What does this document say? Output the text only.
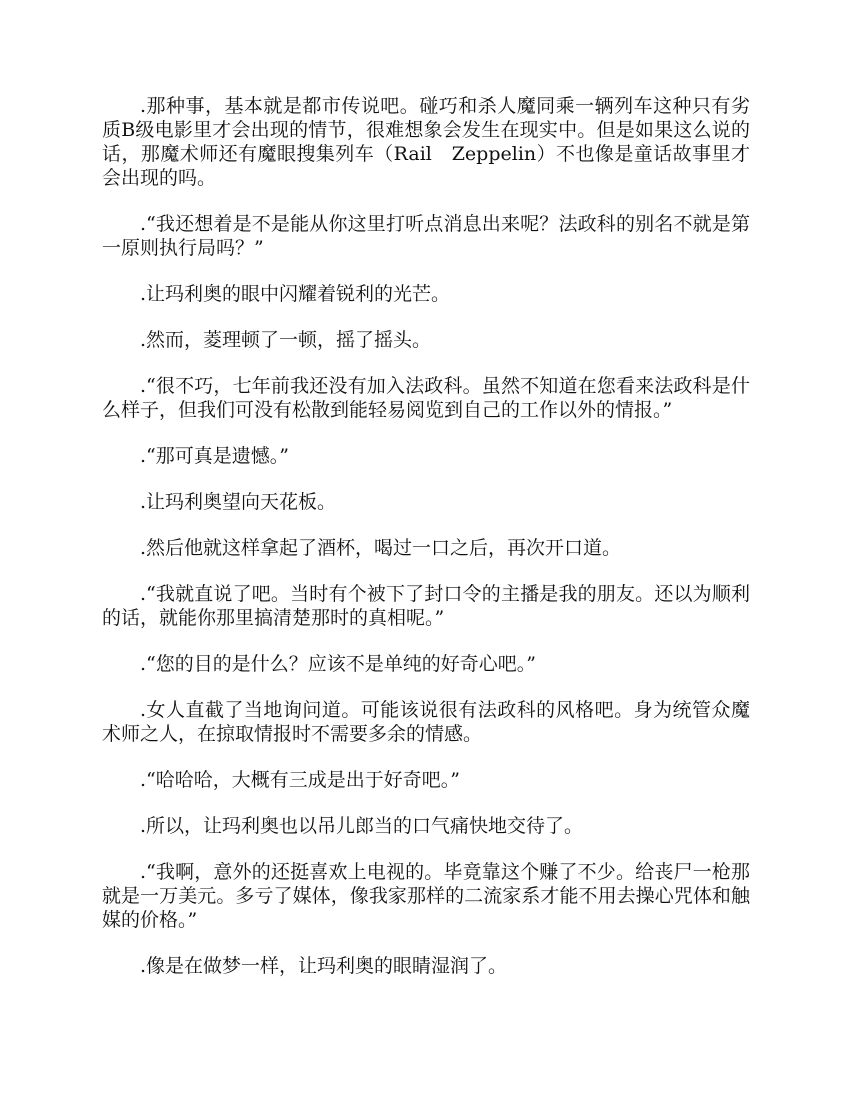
.那种事，基本就是都市传说吧。碰巧和杀人魔同乘一辆列车这种只有劣质B级电影里才会出现的情节，很难想象会发生在现实中。但是如果这么说的话，那魔术师还有魔眼搜集列车（Rail　Zeppelin）不也像是童话故事里才会出现的吗。

.“我还想着是不是能从你这里打听点消息出来呢？法政科的别名不就是第一原则执行局吗？”

.让玛利奥的眼中闪耀着锐利的光芒。

.然而，菱理顿了一顿，摇了摇头。

.“很不巧，七年前我还没有加入法政科。虽然不知道在您看来法政科是什么样子，但我们可没有松散到能轻易阅览到自己的工作以外的情报。”

.“那可真是遗憾。”

.让玛利奥望向天花板。

.然后他就这样拿起了酒杯，喝过一口之后，再次开口道。

.“我就直说了吧。当时有个被下了封口令的主播是我的朋友。还以为顺利的话，就能你那里搞清楚那时的真相呢。”

.“您的目的是什么？应该不是单纯的好奇心吧。”

.女人直截了当地询问道。可能该说很有法政科的风格吧。身为统管众魔术师之人，在掠取情报时不需要多余的情感。

.“哈哈哈，大概有三成是出于好奇吧。”

.所以，让玛利奥也以吊儿郎当的口气痛快地交待了。

.“我啊，意外的还挺喜欢上电视的。毕竟靠这个赚了不少。给丧尸一枪那就是一万美元。多亏了媒体，像我家那样的二流家系才能不用去操心咒体和触媒的价格。”

.像是在做梦一样，让玛利奥的眼睛湿润了。
